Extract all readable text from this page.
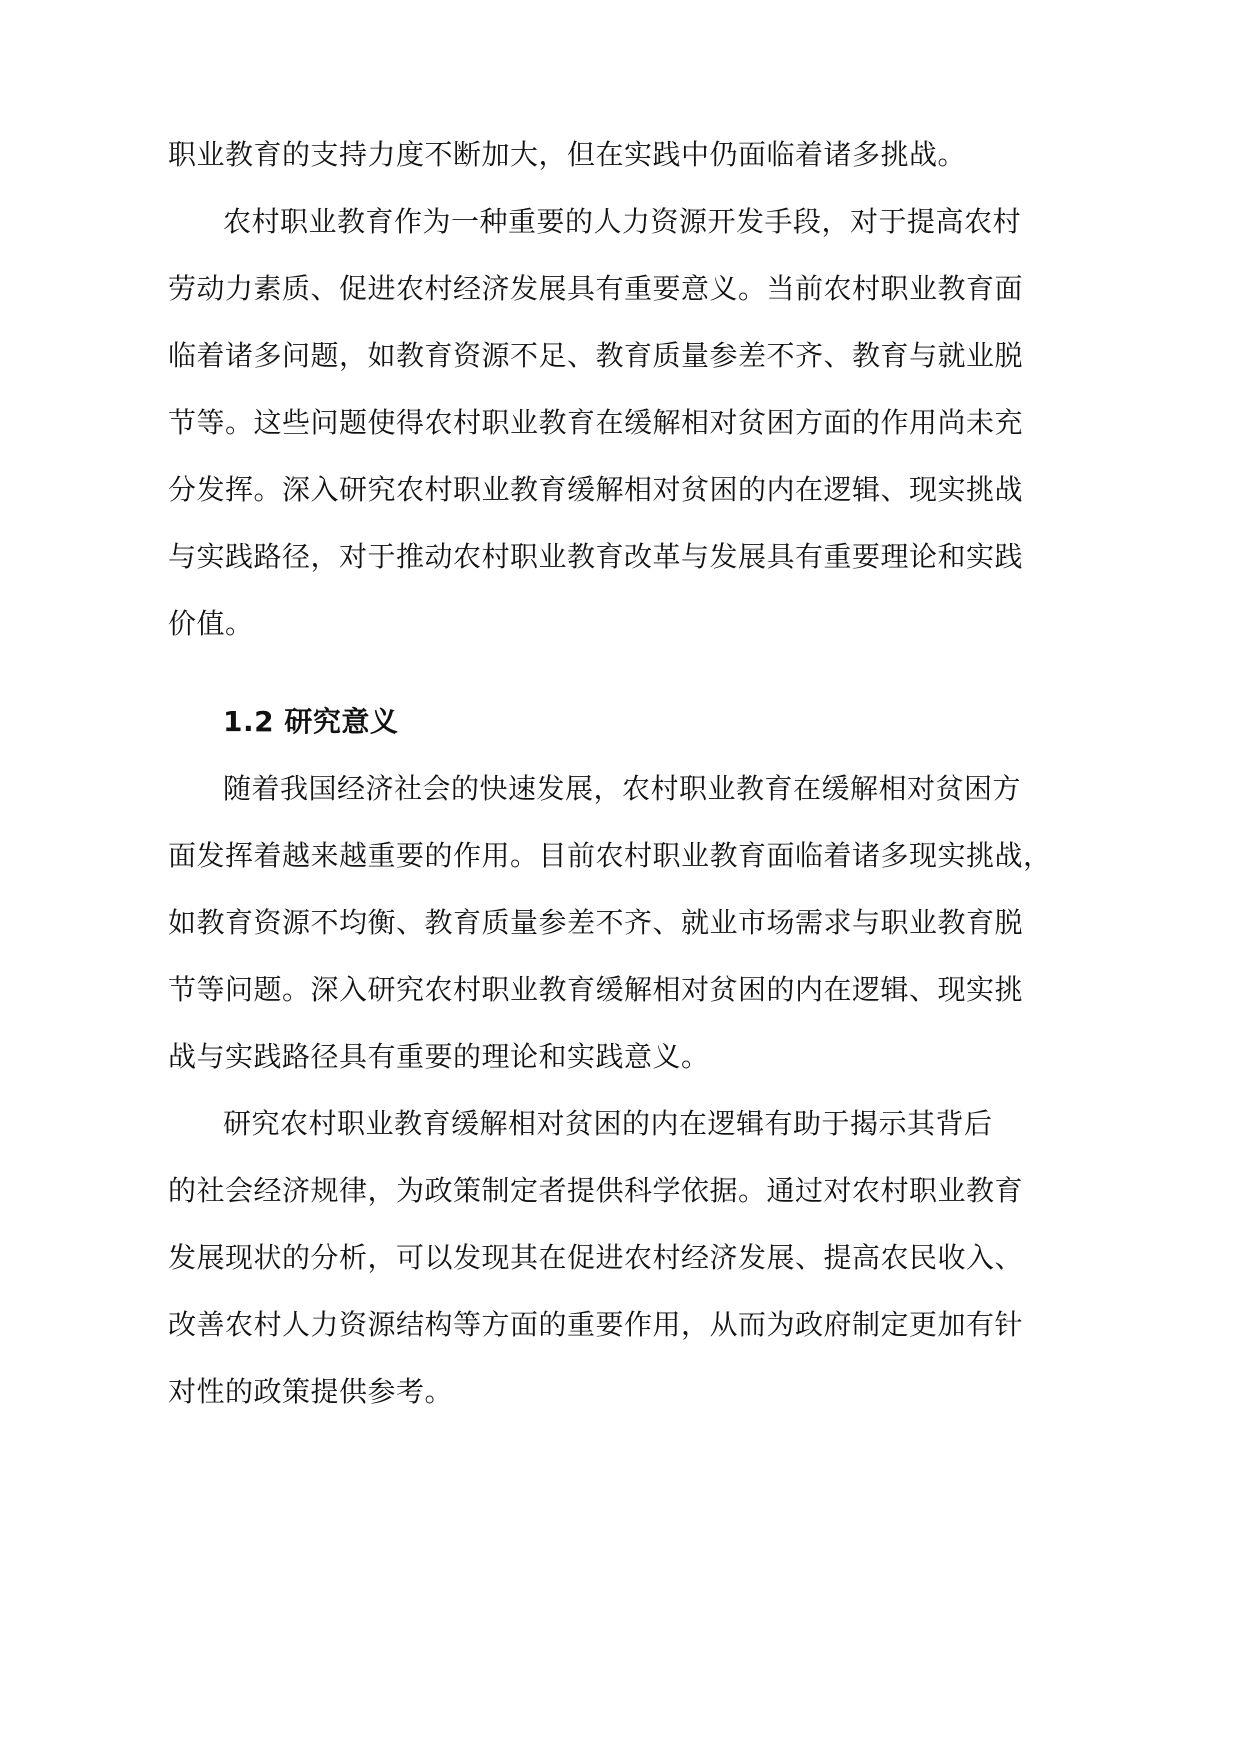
职业教育的支持力度不断加大，但在实践中仍面临着诸多挑战。
农村职业教育作为一种重要的人力资源开发手段，对于提高农村
劳动力素质、促进农村经济发展具有重要意义。当前农村职业教育面
临着诸多问题，如教育资源不足、教育质量参差不齐、教育与就业脱
节等。这些问题使得农村职业教育在缓解相对贫困方面的作用尚未充
分发挥。深入研究农村职业教育缓解相对贫困的内在逻辑、现实挑战
与实践路径，对于推动农村职业教育改革与发展具有重要理论和实践
价值。
1.2 研究意义
随着我国经济社会的快速发展，农村职业教育在缓解相对贫困方
面发挥着越来越重要的作用。目前农村职业教育面临着诸多现实挑战，
如教育资源不均衡、教育质量参差不齐、就业市场需求与职业教育脱
节等问题。深入研究农村职业教育缓解相对贫困的内在逻辑、现实挑
战与实践路径具有重要的理论和实践意义。
研究农村职业教育缓解相对贫困的内在逻辑有助于揭示其背后
的社会经济规律，为政策制定者提供科学依据。通过对农村职业教育
发展现状的分析，可以发现其在促进农村经济发展、提高农民收入、
改善农村人力资源结构等方面的重要作用，从而为政府制定更加有针
对性的政策提供参考。
